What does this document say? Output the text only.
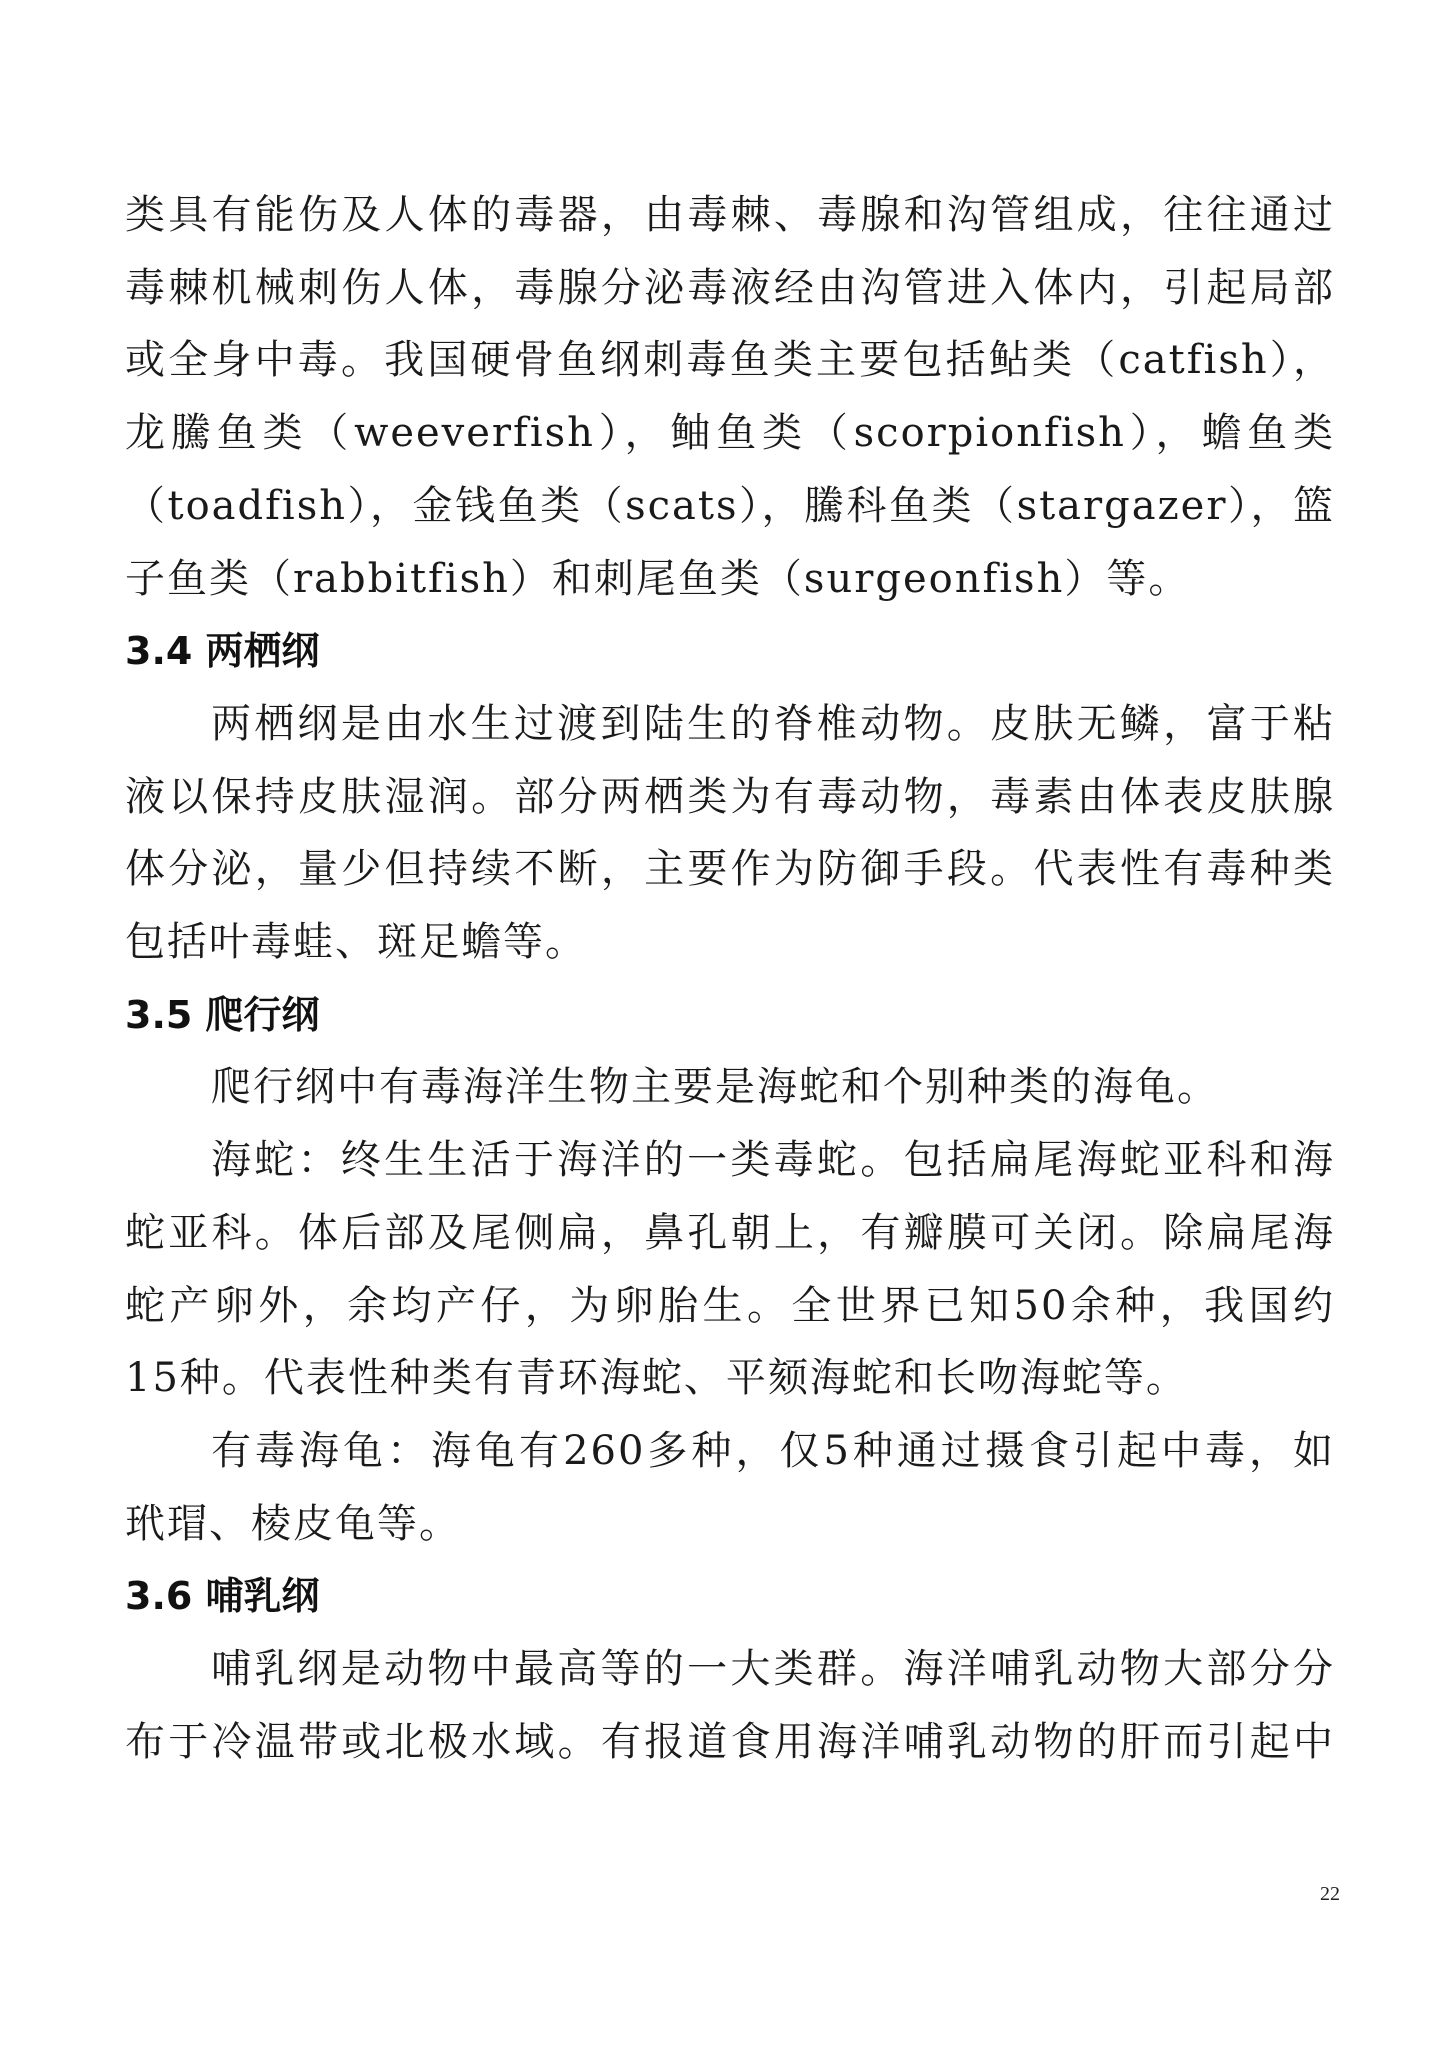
类具有能伤及人体的毒器，由毒棘、毒腺和沟管组成，往往通过
毒棘机械刺伤人体，毒腺分泌毒液经由沟管进入体内，引起局部
或全身中毒。我国硬骨鱼纲刺毒鱼类主要包括鲇类（catfish），
龙騰鱼类（weeverfish），鲉鱼类（scorpionfish），蟾鱼类
（toadfish），金钱鱼类（scats），騰科鱼类（stargazer），篮
子鱼类（rabbitfish）和刺尾鱼类（surgeonfish）等。
3.4 两栖纲
两栖纲是由水生过渡到陆生的脊椎动物。皮肤无鳞，富于粘
液以保持皮肤湿润。部分两栖类为有毒动物，毒素由体表皮肤腺
体分泌，量少但持续不断，主要作为防御手段。代表性有毒种类
包括叶毒蛙、斑足蟾等。
3.5 爬行纲
爬行纲中有毒海洋生物主要是海蛇和个别种类的海龟。
海蛇：终生生活于海洋的一类毒蛇。包括扁尾海蛇亚科和海
蛇亚科。体后部及尾侧扁，鼻孔朝上，有瓣膜可关闭。除扁尾海
蛇产卵外，余均产仔，为卵胎生。全世界已知50余种，我国约
15种。代表性种类有青环海蛇、平颏海蛇和长吻海蛇等。
有毒海龟：海龟有260多种，仅5种通过摄食引起中毒，如
玳瑁、棱皮龟等。
3.6 哺乳纲
哺乳纲是动物中最高等的一大类群。海洋哺乳动物大部分分
布于冷温带或北极水域。有报道食用海洋哺乳动物的肝而引起中
22
